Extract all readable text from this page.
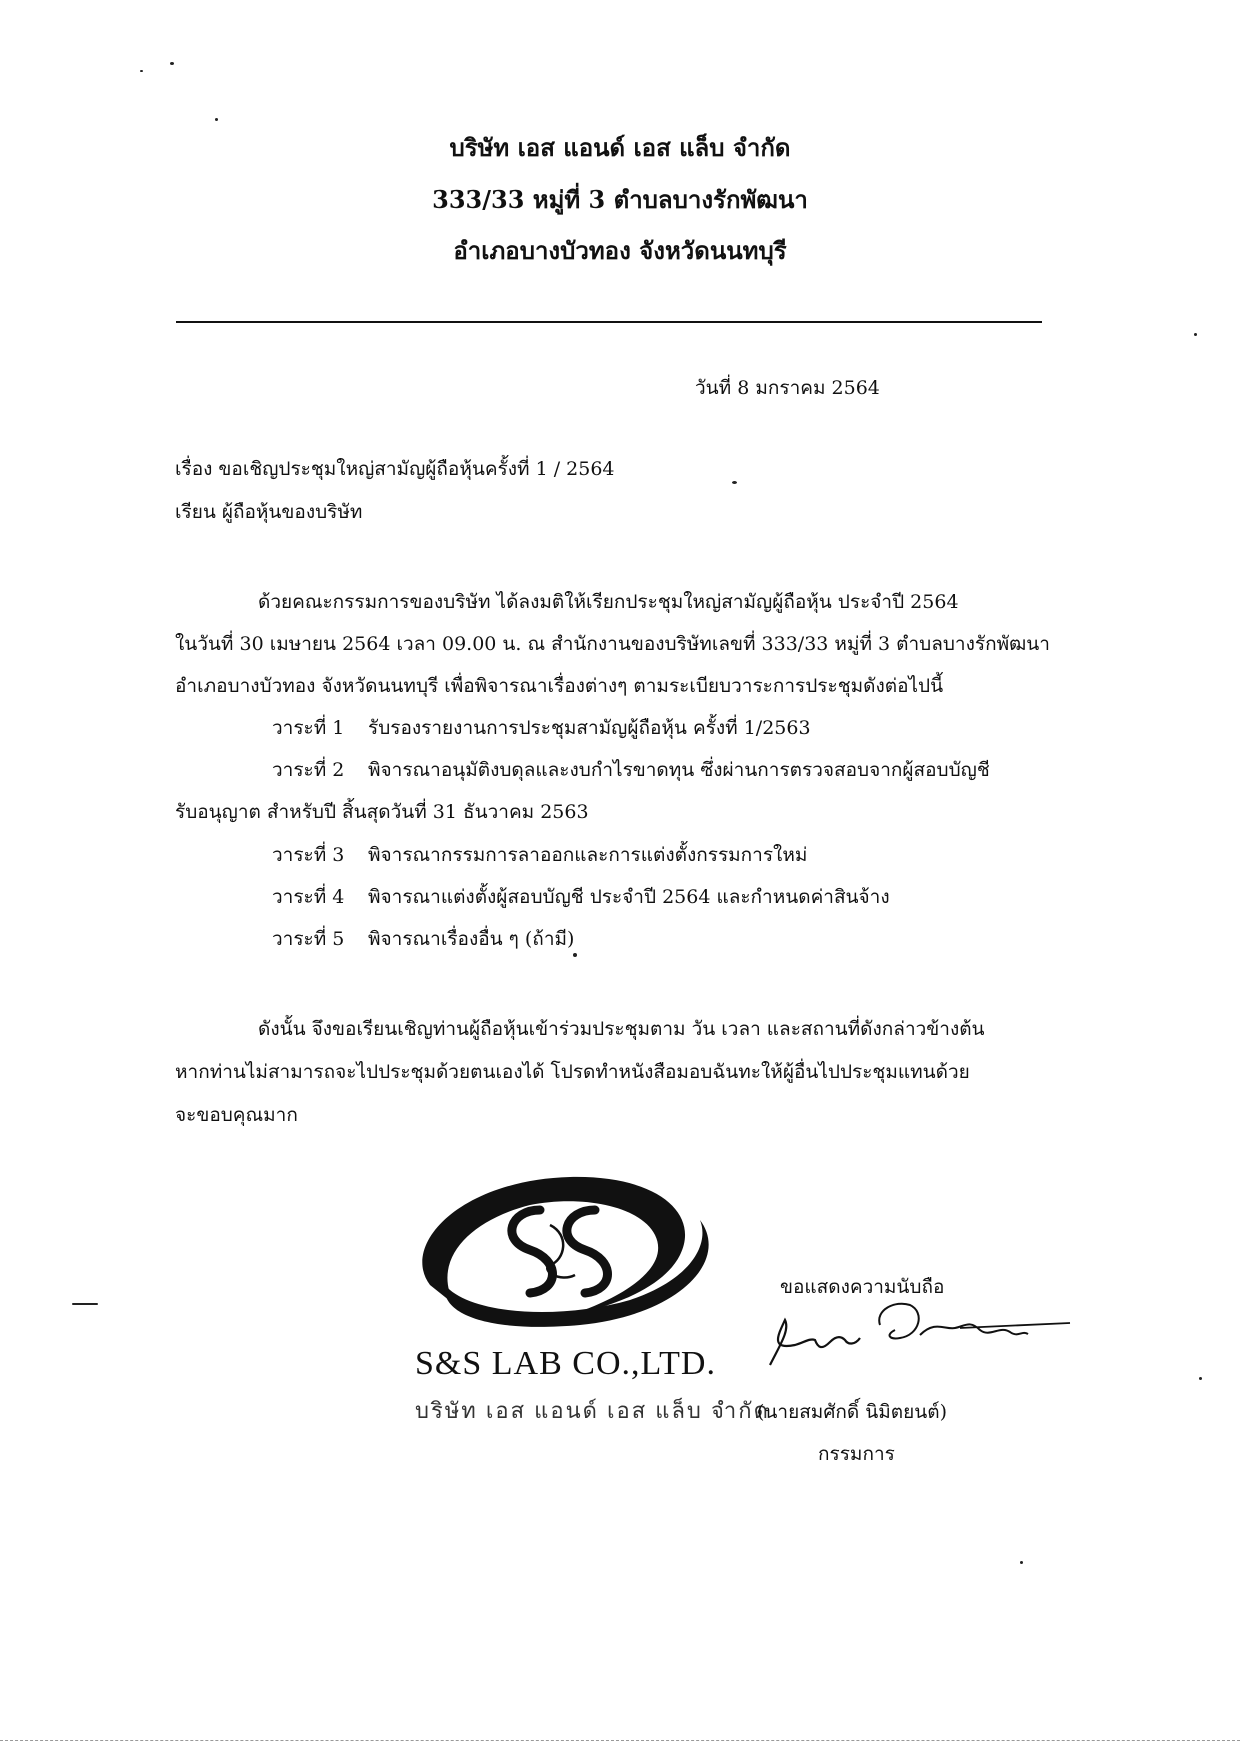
บริษัท เอส แอนด์ เอส แล็บ จำกัด
333/33 หมู่ที่ 3 ตำบลบางรักพัฒนา
อำเภอบางบัวทอง จังหวัดนนทบุรี
วันที่ 8 มกราคม 2564
เรื่อง ขอเชิญประชุมใหญ่สามัญผู้ถือหุ้นครั้งที่ 1 / 2564
เรียน ผู้ถือหุ้นของบริษัท
ด้วยคณะกรรมการของบริษัท ได้ลงมติให้เรียกประชุมใหญ่สามัญผู้ถือหุ้น ประจำปี 2564
ในวันที่ 30 เมษายน 2564 เวลา 09.00 น. ณ สำนักงานของบริษัทเลขที่ 333/33 หมู่ที่ 3 ตำบลบางรักพัฒนา
อำเภอบางบัวทอง จังหวัดนนทบุรี เพื่อพิจารณาเรื่องต่างๆ ตามระเบียบวาระการประชุมดังต่อไปนี้
วาระที่ 1 รับรองรายงานการประชุมสามัญผู้ถือหุ้น ครั้งที่ 1/2563
วาระที่ 2 พิจารณาอนุมัติงบดุลและงบกำไรขาดทุน ซึ่งผ่านการตรวจสอบจากผู้สอบบัญชี
รับอนุญาต สำหรับปี สิ้นสุดวันที่ 31 ธันวาคม 2563
วาระที่ 3 พิจารณากรรมการลาออกและการแต่งตั้งกรรมการใหม่
วาระที่ 4 พิจารณาแต่งตั้งผู้สอบบัญชี ประจำปี 2564 และกำหนดค่าสินจ้าง
วาระที่ 5 พิจารณาเรื่องอื่น ๆ (ถ้ามี)
ดังนั้น จึงขอเรียนเชิญท่านผู้ถือหุ้นเข้าร่วมประชุมตาม วัน เวลา และสถานที่ดังกล่าวข้างต้น
หากท่านไม่สามารถจะไปประชุมด้วยตนเองได้ โปรดทำหนังสือมอบฉันทะให้ผู้อื่นไปประชุมแทนด้วย
จะขอบคุณมาก
S&S LAB CO.,LTD.
บริษัท เอส แอนด์ เอส แล็บ จำกัด
ขอแสดงความนับถือ
(นายสมศักดิ์ นิมิตยนต์)
กรรมการ
